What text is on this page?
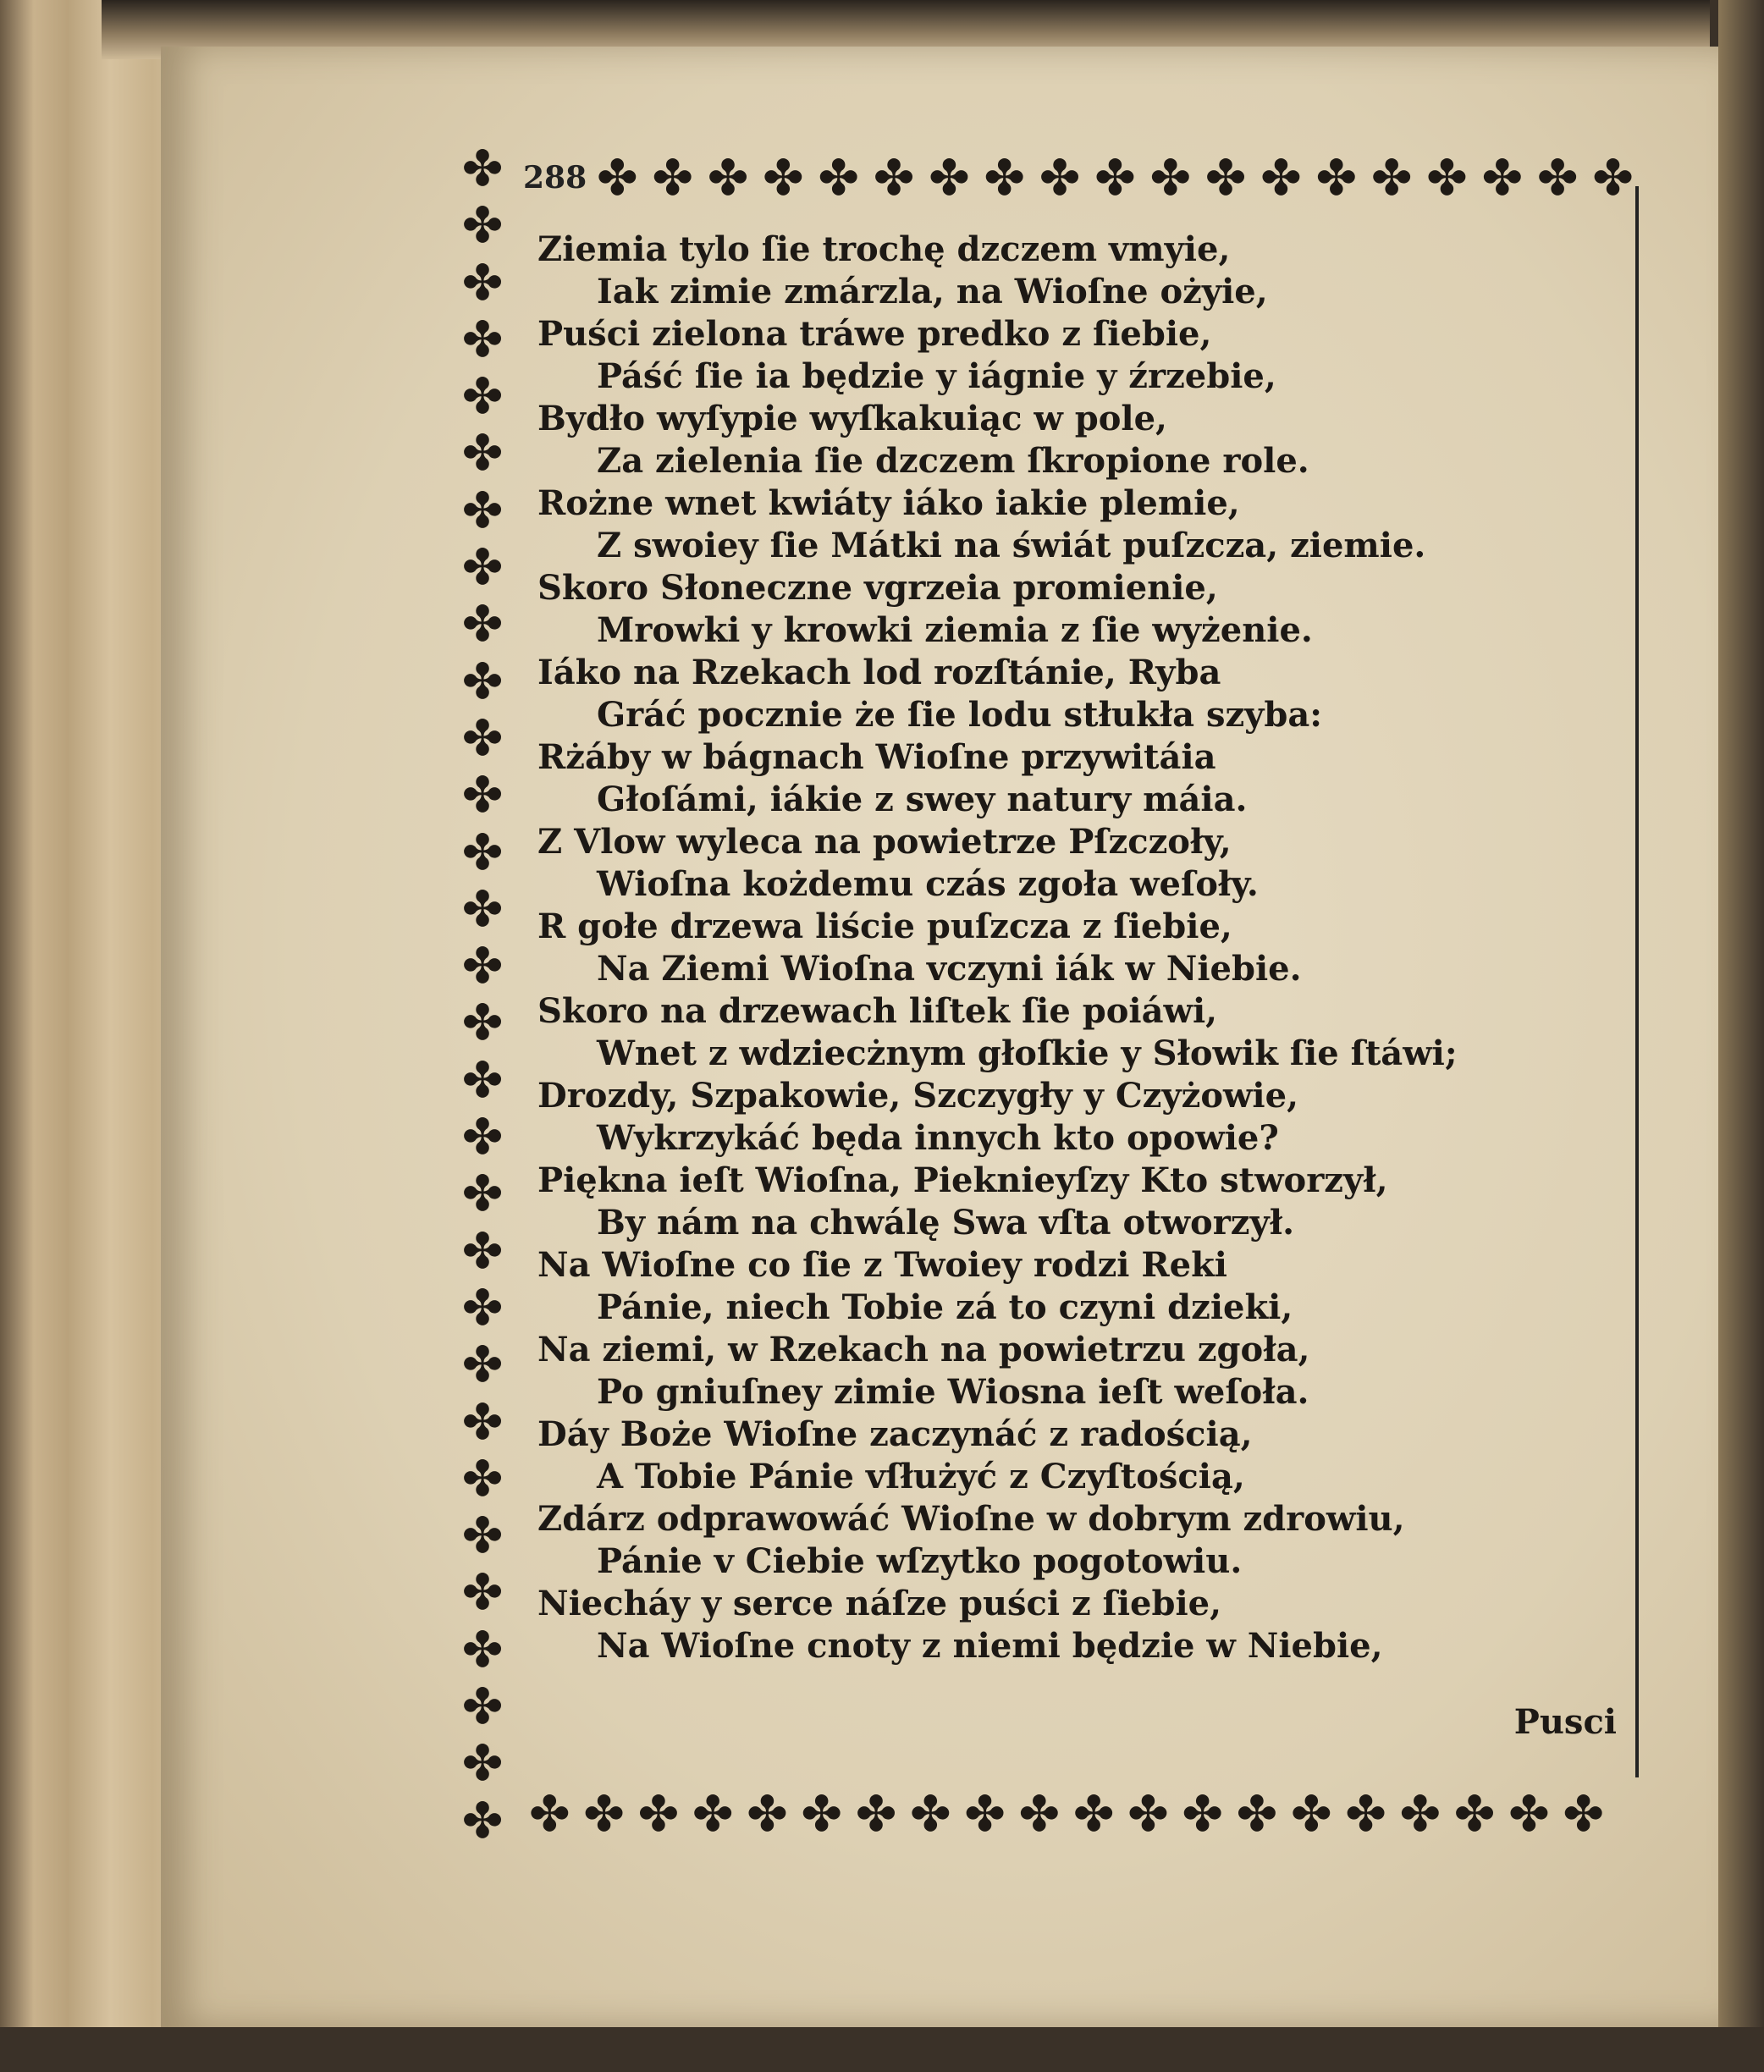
✤ ✤ ✤ ✤ ✤ ✤ ✤ ✤ ✤ ✤ ✤ ✤ ✤ ✤ ✤ ✤ ✤ ✤ ✤
✤
✤
✤
✤
✤
✤
✤
✤
✤
✤
✤
✤
✤
✤
✤
✤
✤
✤
✤
✤
✤
✤
✤
✤
✤
✤
✤
✤
✤
✤ ✤ ✤ ✤ ✤ ✤ ✤ ✤ ✤ ✤ ✤ ✤ ✤ ✤ ✤ ✤ ✤ ✤ ✤ ✤ ✤
288
Ziemia tylo ſie trochę dzczem vmyie,
Iak zimie zmárzla, na Wioſne ożyie,
Puści zielona tráwe predko z ſiebie,
Páść ſie ia będzie y iágnie y źrzebie,
Bydło wyſypie wyſkakuiąc w pole,
Za zielenia ſie dzczem ſkropione role.
Rożne wnet kwiáty iáko iakie plemie,
Z swoiey ſie Mátki na świát puſzcza, ziemie.
Skoro Słoneczne vgrzeia promienie,
Mrowki y krowki ziemia z ſie wyżenie.
Iáko na Rzekach lod rozſtánie, Ryba
Gráć pocznie że ſie lodu stłukła szyba:
Rżáby w bágnach Wioſne przywitáia
Głoſámi, iákie z swey natury máia.
Z Vlow wyleca na powietrze Pſzczoły,
Wioſna kożdemu czás zgoła weſoły.
R gołe drzewa liście puſzcza z ſiebie,
Na Ziemi Wioſna vczyni iák w Niebie.
Skoro na drzewach liſtek ſie poiáwi,
Wnet z wdziecżnym głoſkie y Słowik ſie ſtáwi;
Drozdy, Szpakowie, Szczygły y Czyżowie,
Wykrzykáć będa innych kto opowie?
Piękna ieſt Wioſna, Pieknieyſzy Kto stworzył,
By nám na chwálę Swa vſta otworzył.
Na Wioſne co ſie z Twoiey rodzi Reki
Pánie, niech Tobie zá to czyni dzieki,
Na ziemi, w Rzekach na powietrzu zgoła,
Po gniuſney zimie Wiosna ieſt weſoła.
Dáy Boże Wioſne zaczynáć z radością,
A Tobie Pánie vſłużyć z Czyſtością,
Zdárz odprawowáć Wioſne w dobrym zdrowiu,
Pánie v Ciebie wſzytko pogotowiu.
Niecháy y serce náſze puści z ſiebie,
Na Wioſne cnoty z niemi będzie w Niebie,
Pusci
